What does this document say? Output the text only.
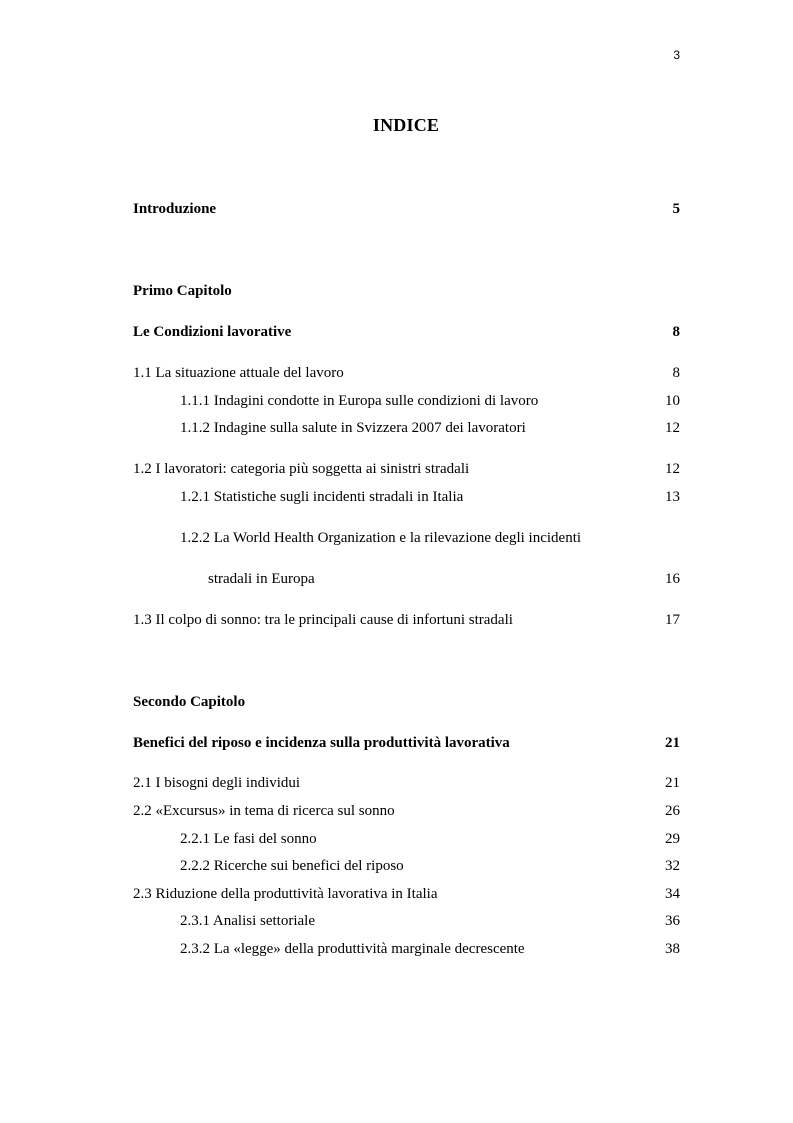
3
INDICE
Introduzione	5
Primo Capitolo
Le Condizioni lavorative	8
1.1 La situazione attuale del lavoro	8
1.1.1 Indagini condotte in Europa sulle condizioni di lavoro	10
1.1.2 Indagine sulla salute in Svizzera 2007 dei lavoratori	12
1.2 I lavoratori: categoria più soggetta ai sinistri stradali	12
1.2.1 Statistiche sugli incidenti stradali in Italia	13
1.2.2 La World Health Organization e la rilevazione degli incidenti
stradali in Europa	16
1.3 Il colpo di sonno: tra le principali cause di infortuni stradali	17
Secondo Capitolo
Benefici del riposo e incidenza sulla produttività lavorativa	21
2.1 I bisogni degli individui	21
2.2 «Excursus» in tema di ricerca sul sonno	26
2.2.1 Le fasi del sonno	29
2.2.2 Ricerche sui benefici del riposo	32
2.3 Riduzione della produttività lavorativa in Italia	34
2.3.1 Analisi settoriale	36
2.3.2 La «legge» della produttività marginale decrescente	38
